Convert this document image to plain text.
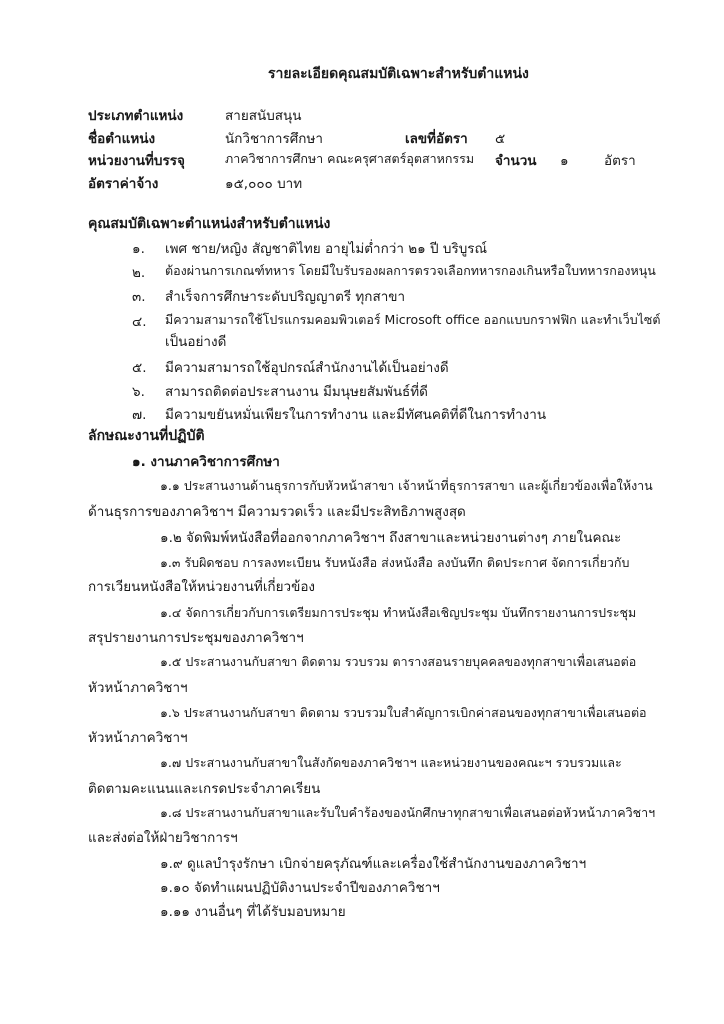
รายละเอียดคุณสมบัติเฉพาะสำหรับตำแหน่ง
ประเภทตำแหน่ง	สายสนับสนุน
ชื่อตำแหน่ง	นักวิชาการศึกษา	เลขที่อัตรา ๕
หน่วยงานที่บรรจุ	ภาควิชาการศึกษา คณะครุศาสตร์อุตสาหกรรม จำนวน ๑	อัตรา
อัตราค่าจ้าง	๑๕,๐๐๐ บาท
คุณสมบัติเฉพาะตำแหน่งสำหรับตำแหน่ง
๑. เพศ ชาย/หญิง สัญชาติไทย อายุไม่ต่ำกว่า ๒๑ ปี บริบูรณ์
๒. ต้องผ่านการเกณฑ์ทหาร โดยมีใบรับรองผลการตรวจเลือกทหารกองเกินหรือใบทหารกองหนุน
๓. สำเร็จการศึกษาระดับปริญญาตรี ทุกสาขา
๔. มีความสามารถใช้โปรแกรมคอมพิวเตอร์ Microsoft office ออกแบบกราฟฟิก และทำเว็บไซต์
เป็นอย่างดี
๕. มีความสามารถใช้อุปกรณ์สำนักงานได้เป็นอย่างดี
๖. สามารถติดต่อประสานงาน มีมนุษยสัมพันธ์ที่ดี
๗. มีความขยันหมั่นเพียรในการทำงาน และมีทัศนคติที่ดีในการทำงาน
ลักษณะงานที่ปฏิบัติ
๑. งานภาควิชาการศึกษา
๑.๑ ประสานงานด้านธุรการกับหัวหน้าสาขา เจ้าหน้าที่ธุรการสาขา และผู้เกี่ยวข้องเพื่อให้งาน
ด้านธุรการของภาควิชาฯ มีความรวดเร็ว และมีประสิทธิภาพสูงสุด
๑.๒ จัดพิมพ์หนังสือที่ออกจากภาควิชาฯ ถึงสาขาและหน่วยงานต่างๆ ภายในคณะ
๑.๓ รับผิดชอบ การลงทะเบียน รับหนังสือ ส่งหนังสือ ลงบันทึก ติดประกาศ จัดการเกี่ยวกับ
การเวียนหนังสือให้หน่วยงานที่เกี่ยวข้อง
๑.๔ จัดการเกี่ยวกับการเตรียมการประชุม ทำหนังสือเชิญประชุม บันทึกรายงานการประชุม
สรุปรายงานการประชุมของภาควิชาฯ
๑.๕ ประสานงานกับสาขา ติดตาม รวบรวม ตารางสอนรายบุคคลของทุกสาขาเพื่อเสนอต่อ
หัวหน้าภาควิชาฯ
๑.๖ ประสานงานกับสาขา ติดตาม รวบรวมใบสำคัญการเบิกค่าสอนของทุกสาขาเพื่อเสนอต่อ
หัวหน้าภาควิชาฯ
๑.๗ ประสานงานกับสาขาในสังกัดของภาควิชาฯ และหน่วยงานของคณะฯ รวบรวมและ
ติดตามคะแนนและเกรดประจำภาคเรียน
๑.๘ ประสานงานกับสาขาและรับใบคำร้องของนักศึกษาทุกสาขาเพื่อเสนอต่อหัวหน้าภาควิชาฯ
และส่งต่อให้ฝ่ายวิชาการฯ
๑.๙ ดูแลบำรุงรักษา เบิกจ่ายครุภัณฑ์และเครื่องใช้สำนักงานของภาควิชาฯ
๑.๑๐ จัดทำแผนปฏิบัติงานประจำปีของภาควิชาฯ
๑.๑๑ งานอื่นๆ ที่ได้รับมอบหมาย
